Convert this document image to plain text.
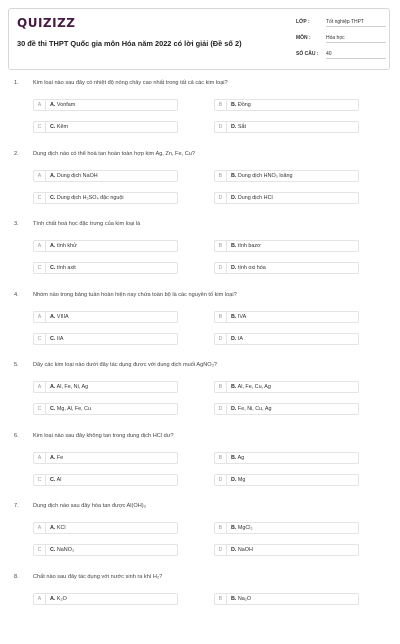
QUIZIZZ
30 đề thi THPT Quốc gia môn Hóa năm 2022 có lời giải (Đề số 2)
LỚP :	Tốt nghiệp THPT
MÔN :	Hóa học
SỐ CÂU : 40
1.	Kim loại nào sau đây có nhiệt độ nóng chảy cao nhất trong tất cả các kim loại?
A	A. Vonfam	B	B. Đồng
C	C. Kẽm	D	D. Sắt
2.	Dung dịch nào có thể hoà tan hoàn toàn hợp kim Ag, Zn, Fe, Cu?
A	A. Dung dịch NaOH	B	B. Dung dịch HNO₃ loãng
C	C. Dung dịch H₂SO₄ đặc nguội	D	D. Dung dịch HCl
3.	Tính chất hoá học đặc trưng của kim loại là
A	A. tính khử	B	B. tính bazơ
C	C. tính axit	D	D. tính oxi hóa
4.	Nhóm nào trong bảng tuần hoàn hiện nay chứa toàn bộ là các nguyên tố kim loại?
A	A. VIIIA	B	B. IVA
C	C. IIA	D	D. IA
5.	Dãy các kim loại nào dưới đây tác dụng được với dung dịch muối AgNO₃?
A	A. Al, Fe, Ni, Ag	B	B. Al, Fe, Cu, Ag
C	C. Mg, Al, Fe, Cu	D	D. Fe, Ni, Cu, Ag
6.	Kim loại nào sau đây không tan trong dung dịch HCl dư?
A	A. Fe	B	B. Ag
C	C. Al	D	D. Mg
7.	Dung dịch nào sau đây hòa tan được Al(OH)₃
A	A. KCl	B	B. MgCl₂
C	C. NaNO₃	D	D. NaOH
8.	Chất nào sau đây tác dụng với nước sinh ra khí H₂?
A	A. K₂O	B	B. Na₂O
